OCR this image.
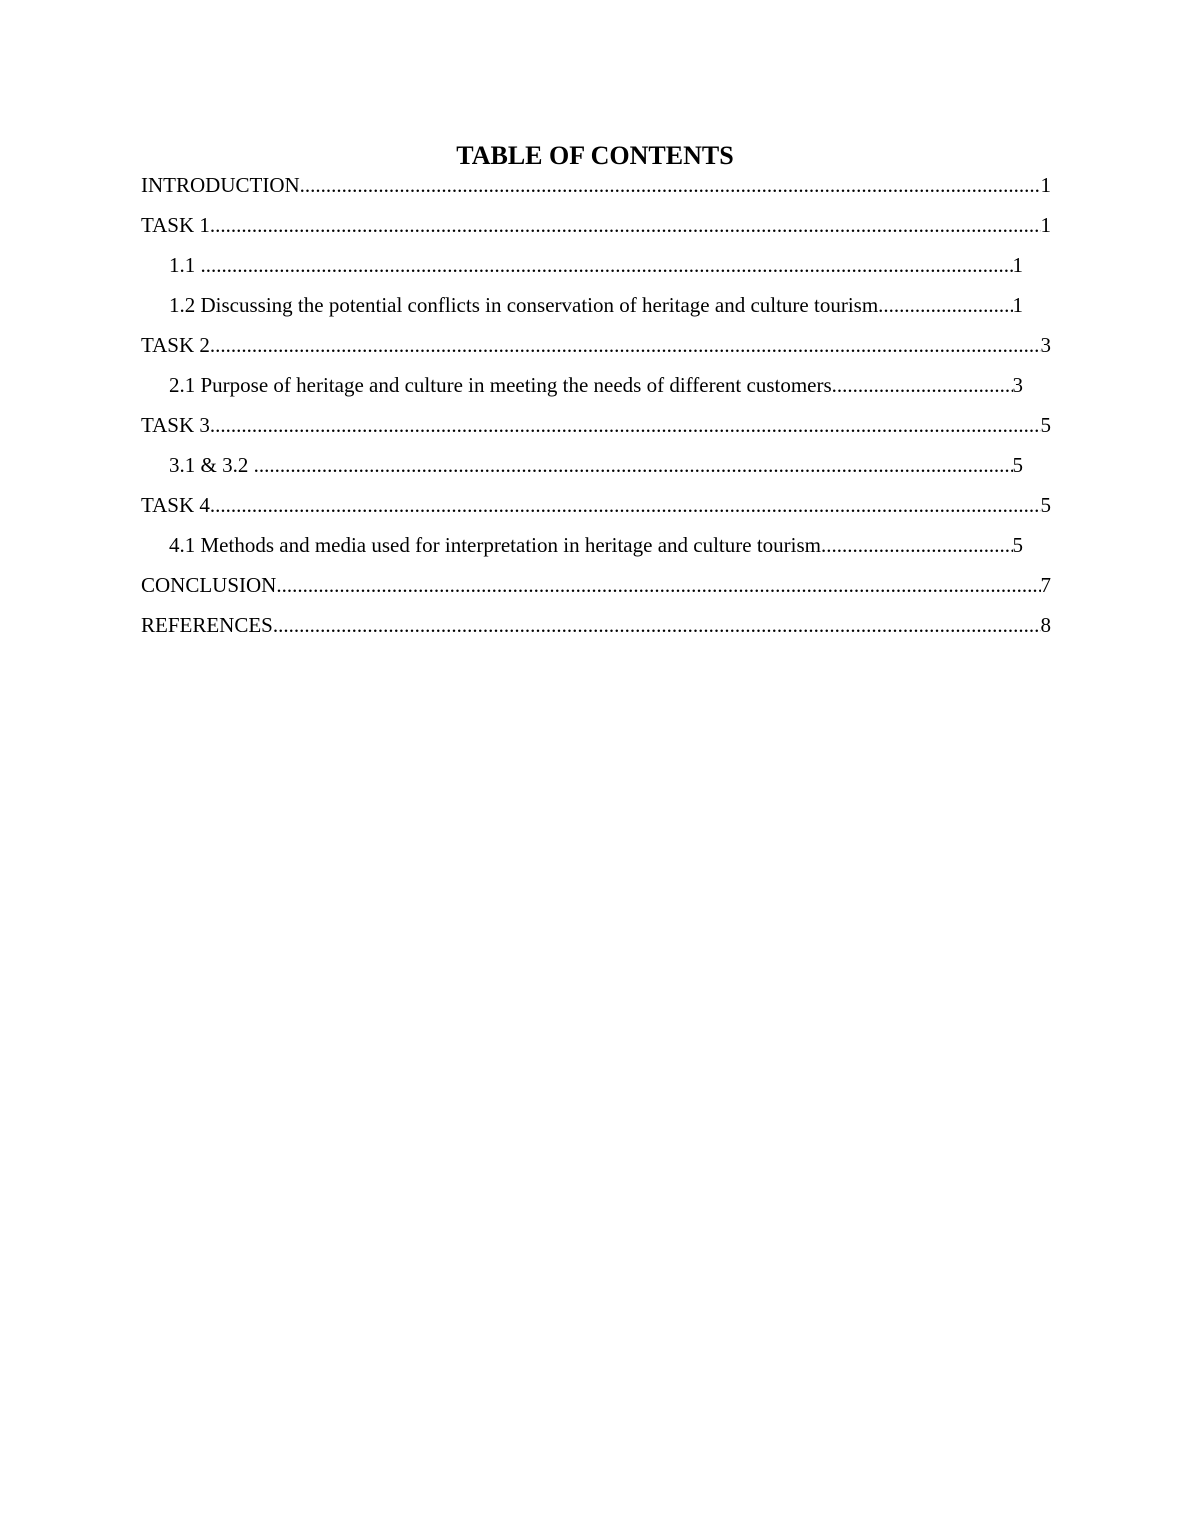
TABLE OF CONTENTS
INTRODUCTION .....	1
TASK 1 .....	1
1.1 .....	1
1.2 Discussing the potential conflicts in conservation of heritage and culture tourism .....	1
TASK 2 .....	3
2.1 Purpose of heritage and culture in meeting the needs of different customers .....	3
TASK 3 .....	5
3.1 & 3.2 .....	5
TASK 4 .....	5
4.1 Methods and media used for interpretation in heritage and culture tourism .....	5
CONCLUSION .....	7
REFERENCES .....	8
